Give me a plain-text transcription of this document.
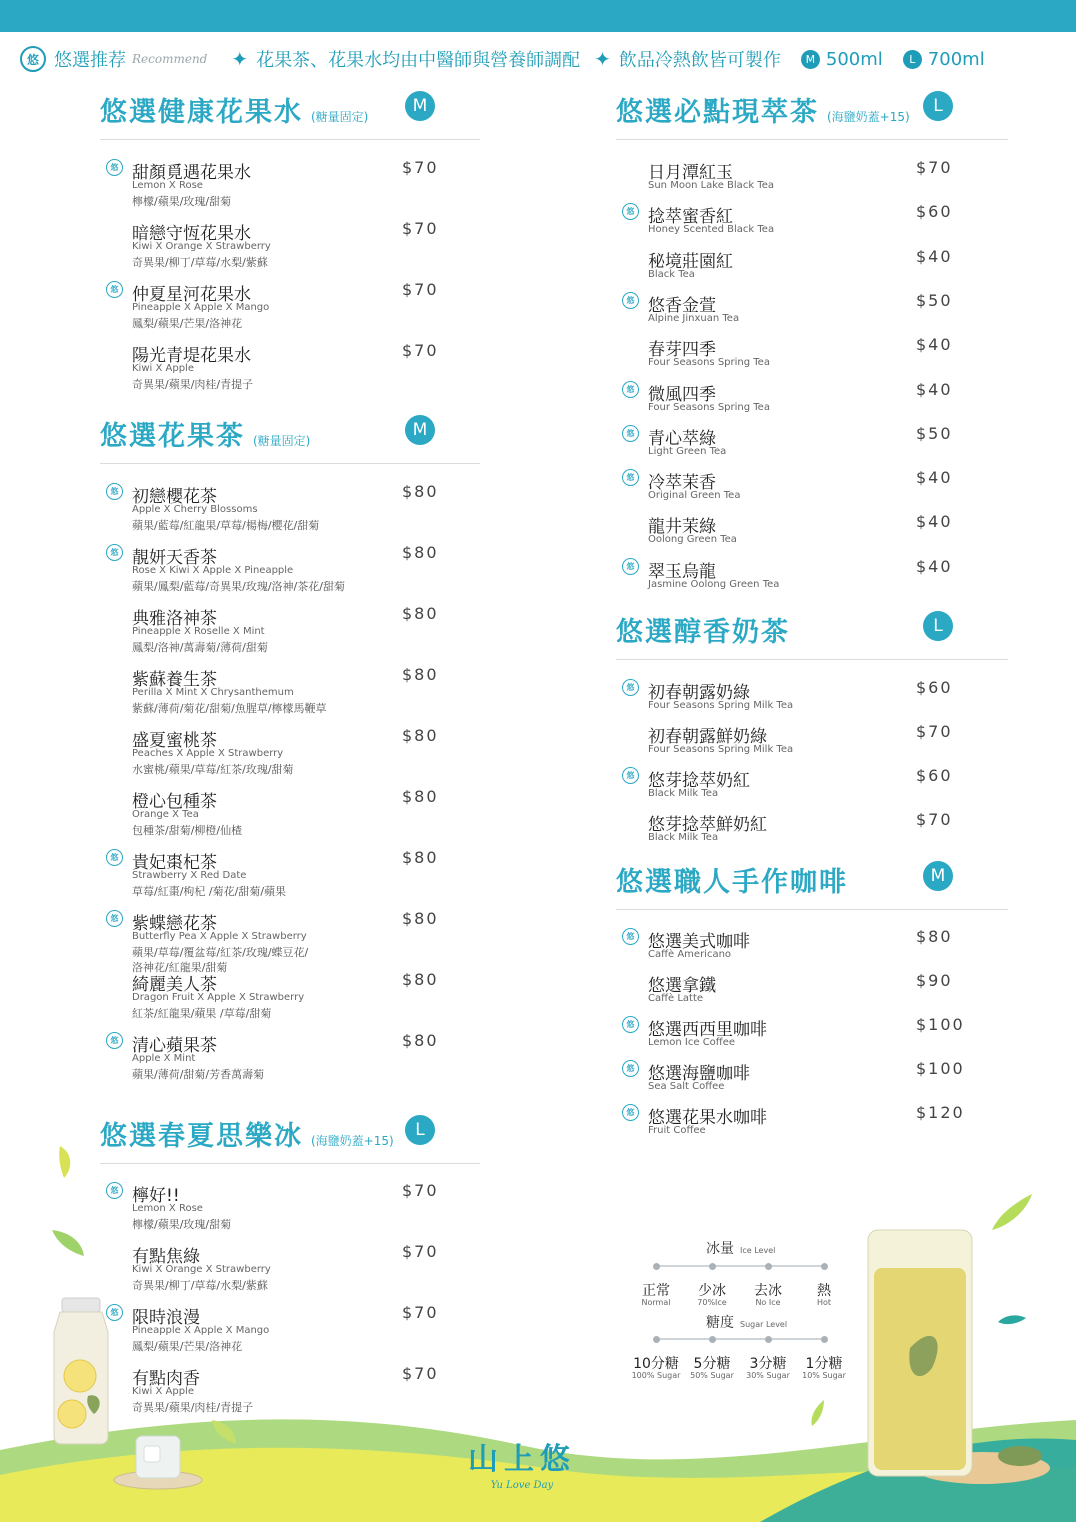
悠 悠選推荐 Recommend ✦ 花果茶、花果水均由中醫師與營養師調配 ✦ 飲品冷熱飲皆可製作	M 500ml	L 700ml
悠選健康花果水 (糖量固定)
M
悠 甜顏覓遇花果水
Lemon X Rose
檸檬/蘋果/玫瑰/甜菊
$70
暗戀守恆花果水
Kiwi X Orange X Strawberry
奇異果/柳丁/草莓/水梨/紫蘇
$70
悠 仲夏星河花果水
Pineapple X Apple X Mango
鳳梨/蘋果/芒果/洛神花
$70
陽光青堤花果水
Kiwi X Apple
奇異果/蘋果/肉桂/青提子
$70
悠選花果茶 (糖量固定)
M
悠 初戀櫻花茶
Apple X Cherry Blossoms
蘋果/藍莓/紅龍果/草莓/楊梅/櫻花/甜菊
$80
悠 靚妍天香茶
Rose X Kiwi X Apple X Pineapple
蘋果/鳳梨/藍莓/奇異果/玫瑰/洛神/茶花/甜菊
$80
典雅洛神茶
Pineapple X Roselle X Mint
鳳梨/洛神/萬壽菊/薄荷/甜菊
$80
紫蘇養生茶
Perilla X Mint X Chrysanthemum
紫蘇/薄荷/菊花/甜菊/魚腥草/檸檬馬鞭草
$80
盛夏蜜桃茶
Peaches X Apple X Strawberry
水蜜桃/蘋果/草莓/紅茶/玫瑰/甜菊
$80
橙心包種茶
Orange X Tea
包種茶/甜菊/柳橙/仙楂
$80
悠 貴妃棗杞茶
Strawberry X Red Date
草莓/紅棗/枸杞 /菊花/甜菊/蘋果
$80
悠 紫蝶戀花茶
Butterfly Pea X Apple X Strawberry
蘋果/草莓/覆盆莓/紅茶/玫瑰/蝶豆花/
$80
洛神花/紅龍果/甜菊
綺麗美人茶
Dragon Fruit X Apple X Strawberry
紅茶/紅龍果/蘋果 /草莓/甜菊
$80
悠 清心蘋果茶
Apple X Mint
蘋果/薄荷/甜菊/芳香萬壽菊
$80
悠選春夏思樂冰 (海鹽奶蓋+15)
L
悠 檸好!!
Lemon X Rose
檸檬/蘋果/玫瑰/甜菊
$70
有點焦綠
Kiwi X Orange X Strawberry
奇異果/柳丁/草莓/水梨/紫蘇
$70
悠 限時浪漫
Pineapple X Apple X Mango
鳳梨/蘋果/芒果/洛神花
$70
有點肉香
Kiwi X Apple
奇異果/蘋果/肉桂/青提子
$70
悠選必點現萃茶 (海鹽奶蓋+15)
L
日月潭紅玉
Sun Moon Lake Black Tea
$70
悠 捻萃蜜香紅
Honey Scented Black Tea
$60
秘境莊園紅
Black Tea
$40
悠 悠香金萱
Alpine Jinxuan Tea
$50
春芽四季
Four Seasons Spring Tea
$40
悠 微風四季
Four Seasons Spring Tea
$40
悠 青心萃綠
Light Green Tea
$50
悠 冷萃茉香
Original Green Tea
$40
龍井茉綠
Oolong Green Tea
$40
悠 翠玉烏龍
Jasmine Oolong Green Tea
$40
悠選醇香奶茶	L
悠 初春朝露奶綠
Four Seasons Spring Milk Tea
$60
初春朝露鮮奶綠
Four Seasons Spring Milk Tea
$70
悠 悠芽捻萃奶紅
Black Milk Tea
$60
悠芽捻萃鮮奶紅
Black Milk Tea
$70
悠選職人手作咖啡	M
悠 悠選美式咖啡
Caffè Americano
$80
悠選拿鐵
Caffè Latte
$90
悠 悠選西西里咖啡
Lemon Ice Coffee
$100
悠 悠選海鹽咖啡
Sea Salt Coffee
$100
悠 悠選花果水咖啡
Fruit Coffee
$120
冰量 Ice Level
正常
Normal
少冰
70%Ice
去冰
No Ice
熱
Hot
糖度 Sugar Level
10分糖
100% Sugar
5分糖
50% Sugar
3分糖
30% Sugar
1分糖
10% Sugar
山上悠
Yu Love Day
